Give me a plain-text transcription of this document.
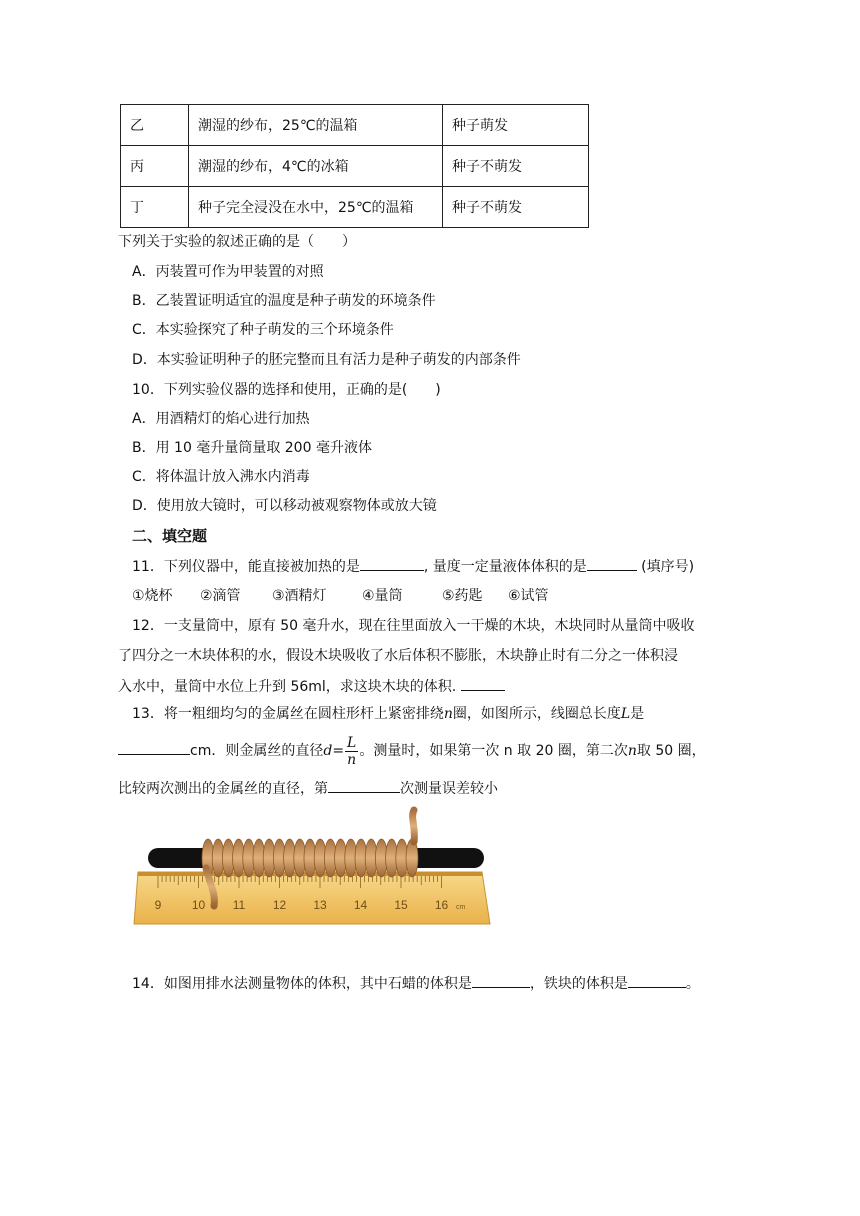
乙	潮湿的纱布，25℃的温箱	种子萌发
丙	潮湿的纱布，4℃的冰箱	种子不萌发
丁	种子完全浸没在水中，25℃的温箱	种子不萌发
下列关于实验的叙述正确的是（　　）
A．丙装置可作为甲装置的对照
B．乙装置证明适宜的温度是种子萌发的环境条件
C．本实验探究了种子萌发的三个环境条件
D．本实验证明种子的胚完整而且有活力是种子萌发的内部条件
10．下列实验仪器的选择和使用，正确的是(　　)
A．用酒精灯的焰心进行加热
B．用 10 毫升量筒量取 200 毫升液体
C．将体温计放入沸水内消毒
D．使用放大镜时，可以移动被观察物体或放大镜
二、填空题
11．下列仪器中，能直接被加热的是	, 量度一定量液体体积的是	(填序号)
①烧杯 ②滴管 ③酒精灯	④量筒	⑤药匙 ⑥试管
12．一支量筒中，原有 50 毫升水，现在往里面放入一干燥的木块，木块同时从量筒中吸收
了四分之一木块体积的水，假设木块吸收了水后体积不膨胀，木块静止时有二分之一体积浸
入水中，量筒中水位上升到 56ml，求这块木块的体积.
13．将一粗细均匀的金属丝在圆柱形杆上紧密排绕n圈，如图所示，线圈总长度L是
cm．则金属丝的直径$d= \frac{L}{n}$ 。测量时，如果第一次 n 取 20 圈，第二次n取 50 圈，
比较两次测出的金属丝的直径，第	次测量误差较小
9	10 11 12 13 14 15 16 cm
14．如图用排水法测量物体的体积，其中石蜡的体积是	，铁块的体积是	。
